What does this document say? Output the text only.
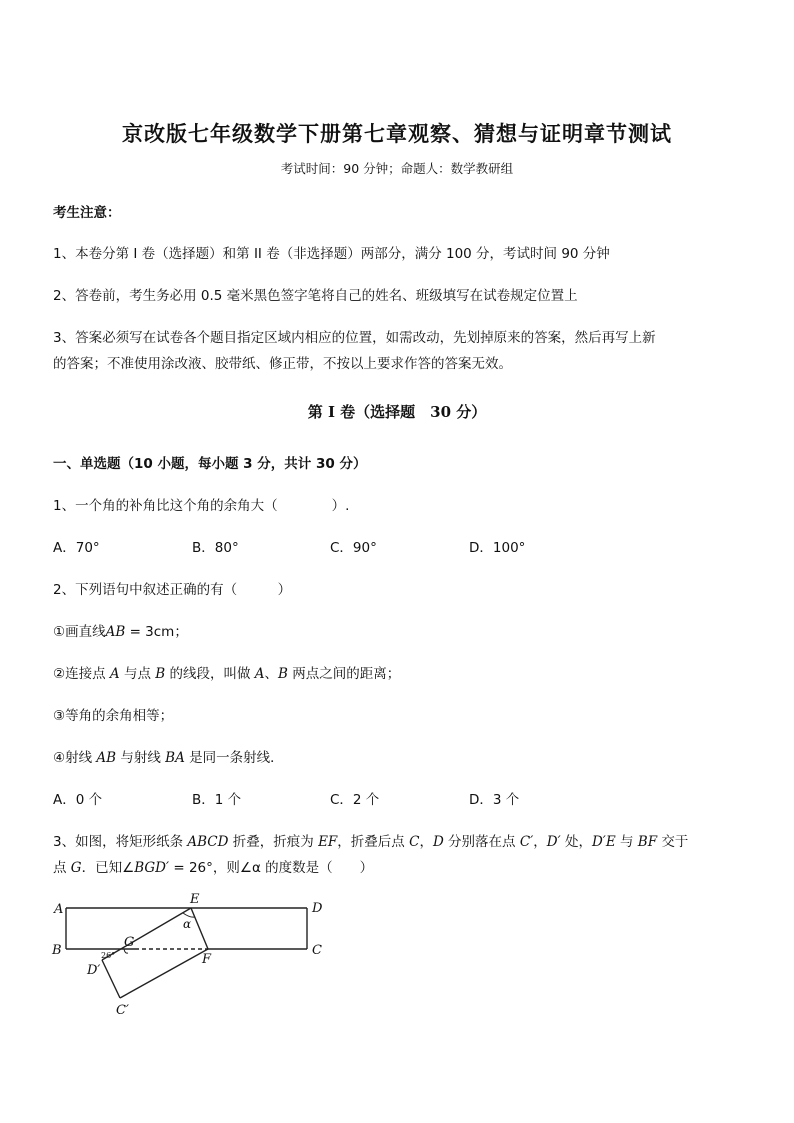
京改版七年级数学下册第七章观察、猜想与证明章节测试
考试时间：90 分钟；命题人：数学教研组
考生注意：
1、本卷分第 I 卷（选择题）和第 II 卷（非选择题）两部分，满分 100 分，考试时间 90 分钟
2、答卷前，考生务必用 0.5 毫米黑色签字笔将自己的姓名、班级填写在试卷规定位置上
3、答案必须写在试卷各个题目指定区域内相应的位置，如需改动，先划掉原来的答案，然后再写上新
的答案；不准使用涂改液、胶带纸、修正带，不按以上要求作答的答案无效。
第 I 卷（选择题　30 分）
一、单选题（10 小题，每小题 3 分，共计 30 分）
1、一个角的补角比这个角的余角大（　　　　）.
A．70°	B．80°	C．90°	D．100°
2、下列语句中叙述正确的有（　　　）
①画直线AB = 3cm；
②连接点 A 与点 B 的线段，叫做 A、B 两点之间的距离；
③等角的余角相等；
④射线 AB 与射线 BA 是同一条射线．
A．0 个	B．1 个	C．2 个	D．3 个
3、如图，将矩形纸条 ABCD 折叠，折痕为 EF，折叠后点 C，D 分别落在点 C′，D′ 处，D′E 与 BF 交于
点 G．已知∠BGD′ = 26°，则∠α 的度数是（　　）
A
B
D
C
E
F
G
D′
C′
α
26°
